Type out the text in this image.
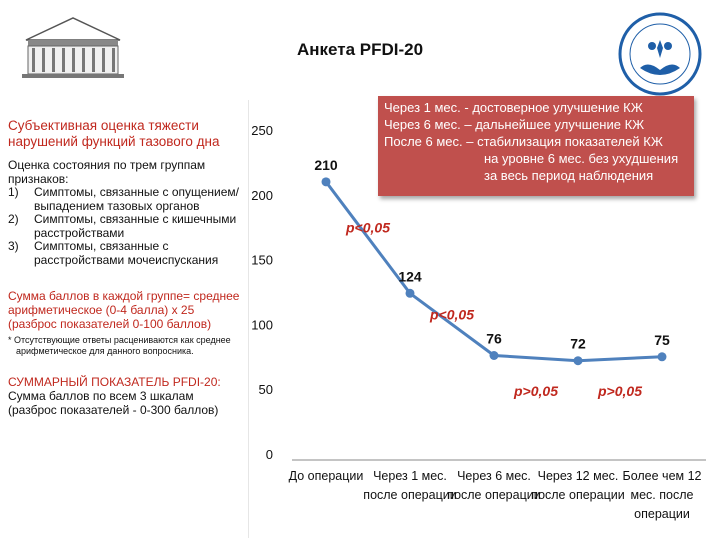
Анкета PFDI-20

Субъективная оценка тяжести нарушений функций тазового дна

Оценка состояния по трем группам признаков:

1)	Симптомы, связанные с опущением/выпадением тазовых органов
2)	Симптомы, связанные с кишечными расстройствами
3)	Симптомы, связанные с расстройствами мочеиспускания

Сумма баллов в каждой группе= среднее арифметическое (0-4 балла) х 25 (разброс показателей 0-100 баллов)

* Отсутствующие ответы расцениваются как среднее

арифметическое для данного вопросника.

СУММАРНЫЙ ПОКАЗАТЕЛЬ PFDI-20:

Сумма баллов по всем 3 шкалам (разброс показателей - 0-300 баллов)

0
50
100
150
200
250
До операции Через 1 мес. после операции
Через 6 мес. после операции
Через 12 мес. после операции
Более чем 12 мес. после операции
210
124
76	72	75
p<0,05
p<0,05
p>0,05	p>0,05
Через 1 мес. - достоверное улучшение КЖ
Через 6 мес. – дальнейшее улучшение КЖ
После 6 мес. – стабилизация показателей КЖ
на уровне 6 мес. без ухудшения
за весь период наблюдения
